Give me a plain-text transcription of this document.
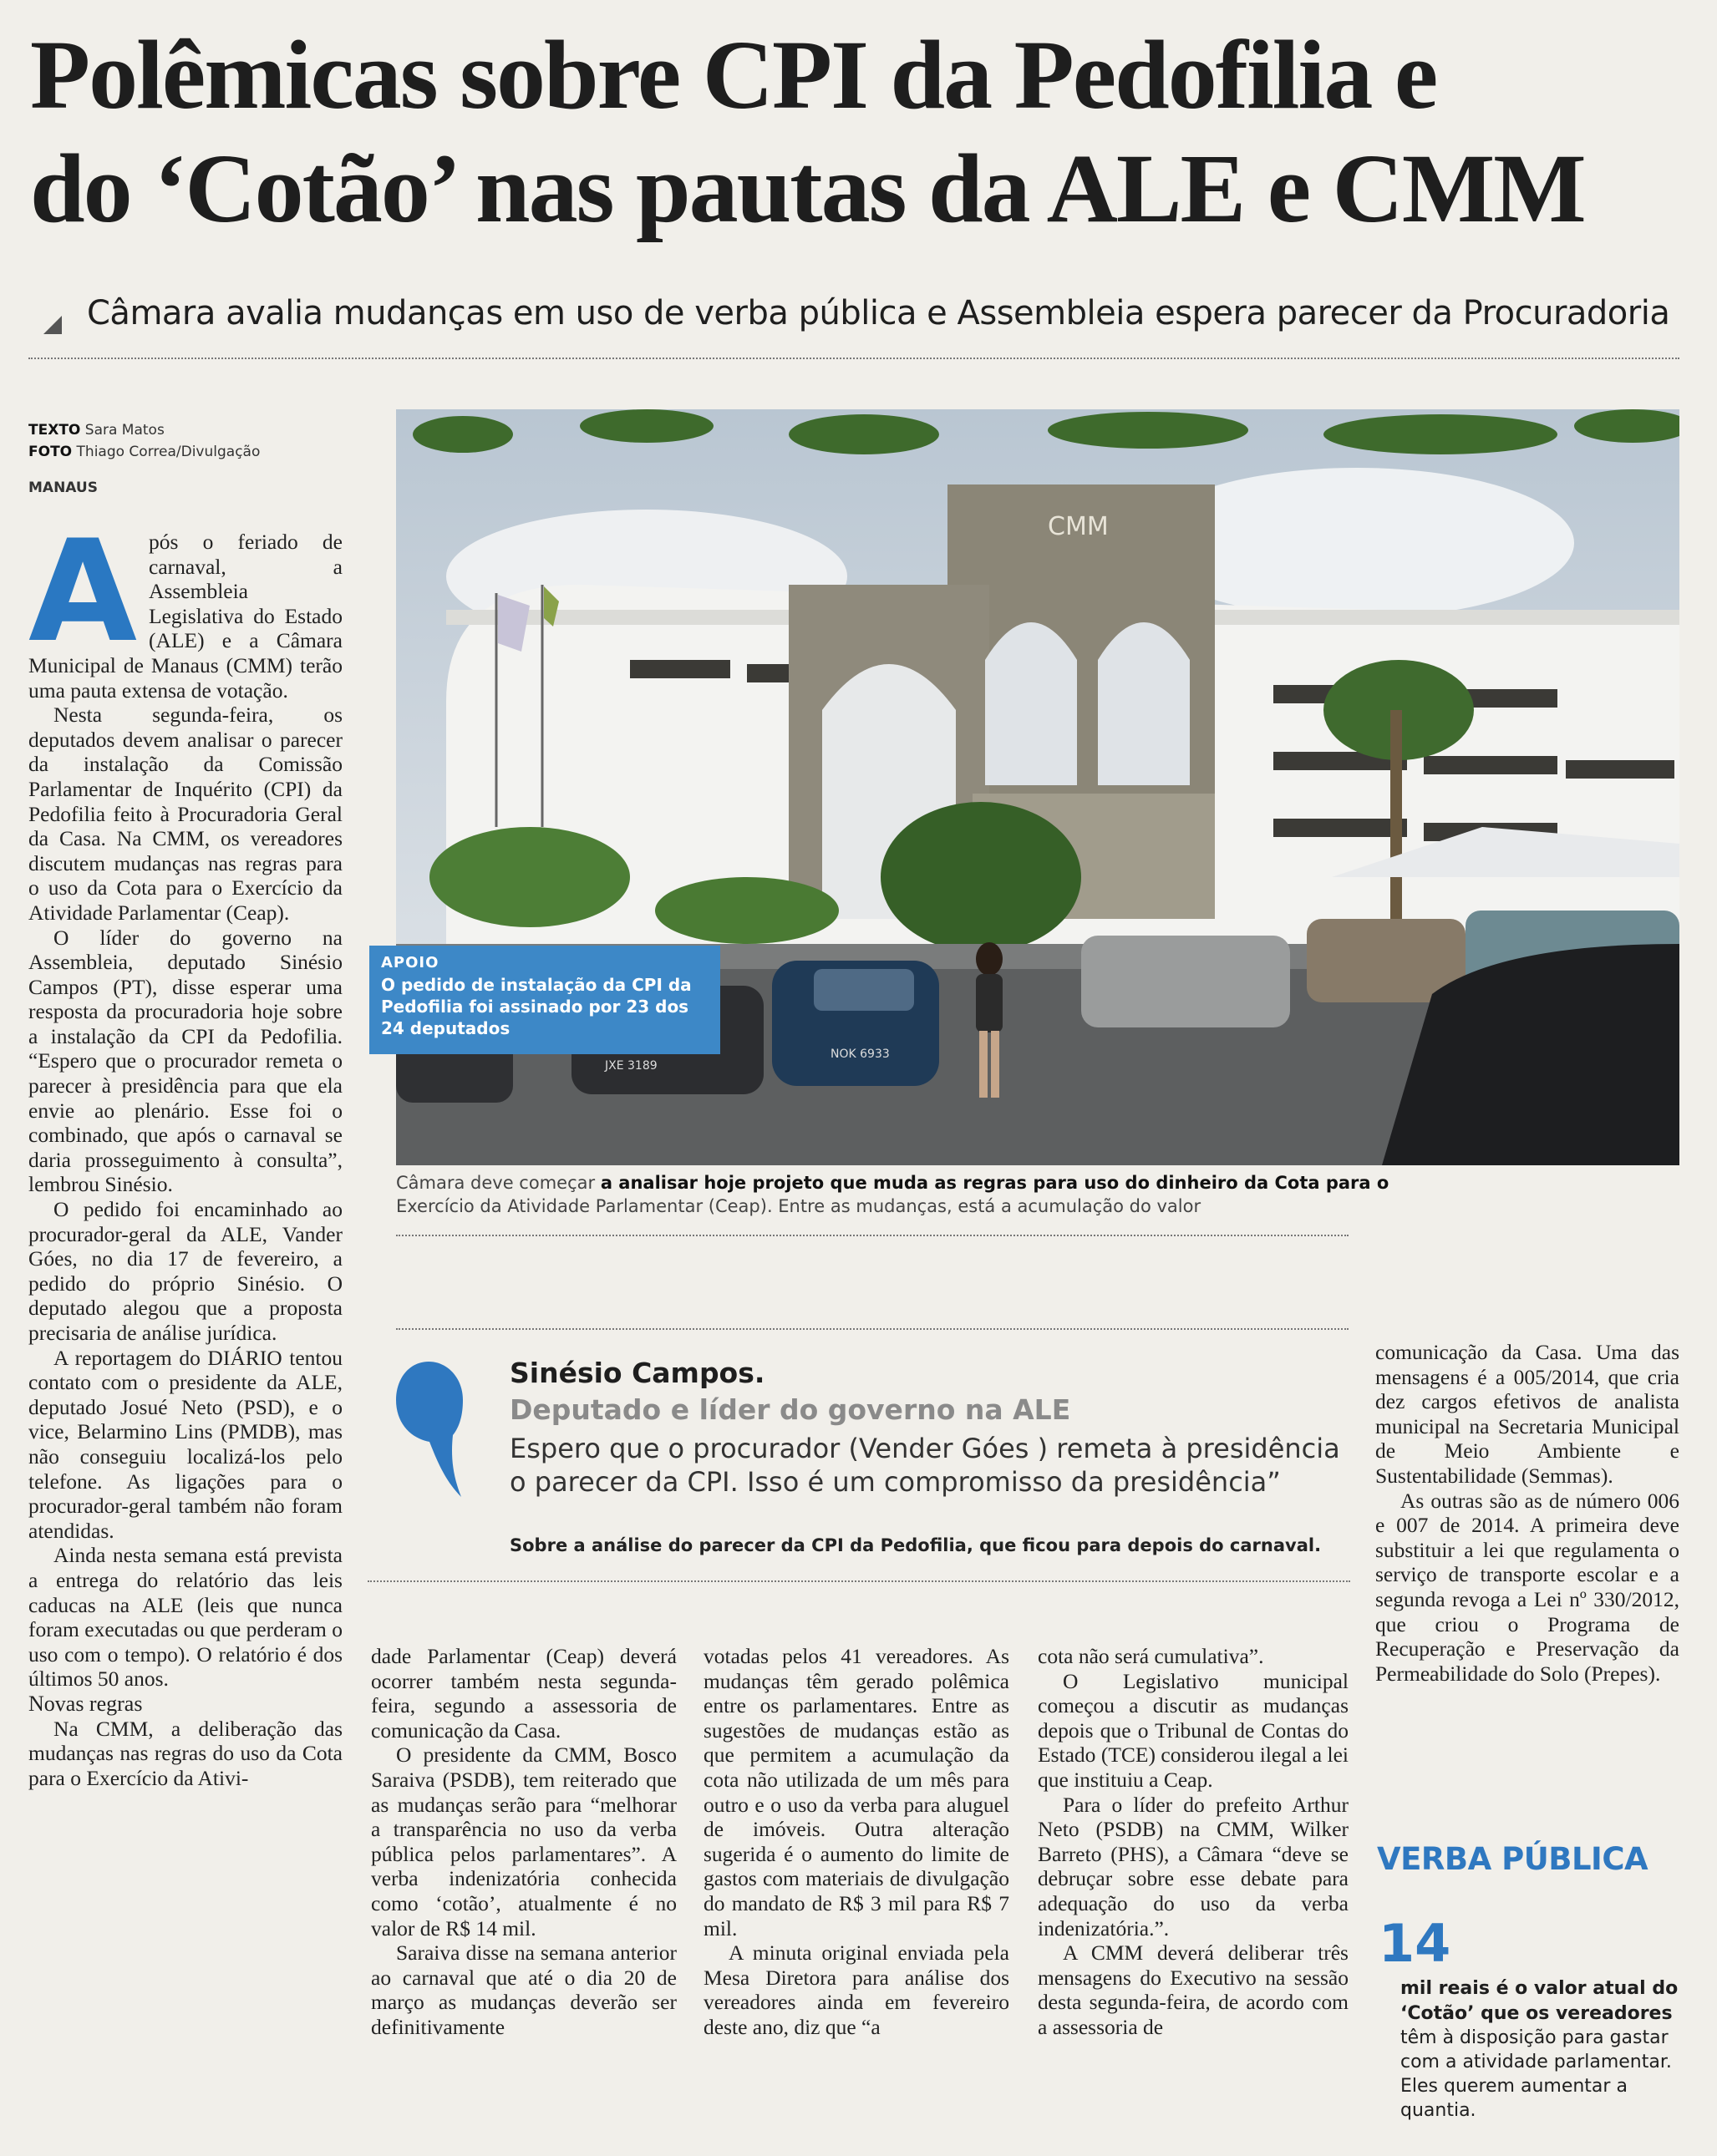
Polêmicas sobre CPI da Pedofilia e
do ‘Cotão’ nas pautas da ALE e CMM
Câmara avalia mudanças em uso de verba pública e Assembleia espera parecer da Procuradoria
TEXTO Sara Matos
FOTO Thiago Correa/Divulgação
MANAUS
A pós o feriado de carnaval, a Assembleia Legislativa do Estado (ALE) e a Câmara Municipal de Manaus (CMM) terão uma pauta extensa de votação.

Nesta segunda-feira, os deputados devem analisar o parecer da instalação da Comissão Parlamentar de Inquérito (CPI) da Pedofilia feito à Procuradoria Geral da Casa. Na CMM, os vereadores discutem mudanças nas regras para o uso da Cota para o Exercício da Atividade Parlamentar (Ceap).

O líder do governo na Assembleia, deputado Sinésio Campos (PT), disse esperar uma resposta da procuradoria hoje sobre a instalação da CPI da Pedofilia. “Espero que o procurador remeta o parecer à presidência para que ela envie ao plenário. Esse foi o combinado, que após o carnaval se daria prosseguimento à consulta”, lembrou Sinésio.

O pedido foi encaminhado ao procurador-geral da ALE, Vander Góes, no dia 17 de fevereiro, a pedido do próprio Sinésio. O deputado alegou que a proposta precisaria de análise jurídica.

A reportagem do DIÁRIO tentou contato com o presidente da ALE, deputado Josué Neto (PSD), e o vice, Belarmino Lins (PMDB), mas não conseguiu localizá-los pelo telefone. As ligações para o procurador-geral também não foram atendidas.

Ainda nesta semana está prevista a entrega do relatório das leis caducas na ALE (leis que nunca foram executadas ou que perderam o uso com o tempo). O relatório é dos últimos 50 anos.

Novas regras

Na CMM, a deliberação das mudanças nas regras do uso da Cota para o Exercício da Ativi-

CMM
JXE 3189
NOK 6933
APOIO
O pedido de instalação da CPI da Pedofilia foi assinado por 23 dos 24 deputados
Câmara deve começar a analisar hoje projeto que muda as regras para uso do dinheiro da Cota para o
Exercício da Atividade Parlamentar (Ceap). Entre as mudanças, está a acumulação do valor
Sinésio Campos.
Deputado e líder do governo na ALE
Espero que o procurador (Vender Góes ) remeta à presidência o parecer da CPI. Isso é um compromisso da presidência”
Sobre a análise do parecer da CPI da Pedofilia, que ficou para depois do carnaval.

dade Parlamentar (Ceap) deverá ocorrer também nesta segunda-feira, segundo a assessoria de comunicação da Casa.

O presidente da CMM, Bosco Saraiva (PSDB), tem reiterado que as mudanças serão para “melhorar a transparência no uso da verba pública pelos parlamentares”. A verba indenizatória conhecida como ‘cotão’, atualmente é no valor de R$ 14 mil.

Saraiva disse na semana anterior ao carnaval que até o dia 20 de março as mudanças deverão ser definitivamente

votadas pelos 41 vereadores. As mudanças têm gerado polêmica entre os parlamentares. Entre as sugestões de mudanças estão as que permitem a acumulação da cota não utilizada de um mês para outro e o uso da verba para aluguel de imóveis. Outra alteração sugerida é o aumento do limite de gastos com materiais de divulgação do mandato de R$ 3 mil para R$ 7 mil.

A minuta original enviada pela Mesa Diretora para análise dos vereadores ainda em fevereiro deste ano, diz que “a

cota não será cumulativa”.

O Legislativo municipal começou a discutir as mudanças depois que o Tribunal de Contas do Estado (TCE) considerou ilegal a lei que instituiu a Ceap.

Para o líder do prefeito Arthur Neto (PSDB) na CMM, Wilker Barreto (PHS), a Câmara “deve se debruçar sobre esse debate para adequação do uso da verba indenizatória.”.

A CMM deverá deliberar três mensagens do Executivo na sessão desta segunda-feira, de acordo com a assessoria de

comunicação da Casa. Uma das mensagens é a 005/2014, que cria dez cargos efetivos de analista municipal na Secretaria Municipal de Meio Ambiente e Sustentabilidade (Semmas).

As outras são as de número 006 e 007 de 2014. A primeira deve substituir a lei que regulamenta o serviço de transporte escolar e a segunda revoga a Lei nº 330/2012, que criou o Programa de Recuperação e Preservação da Permeabilidade do Solo (Prepes).

VERBA PÚBLICA
14
mil reais é o valor atual do
‘Cotão’ que os vereadores
têm à disposição para gastar com a atividade parlamentar. Eles querem aumentar a quantia.
